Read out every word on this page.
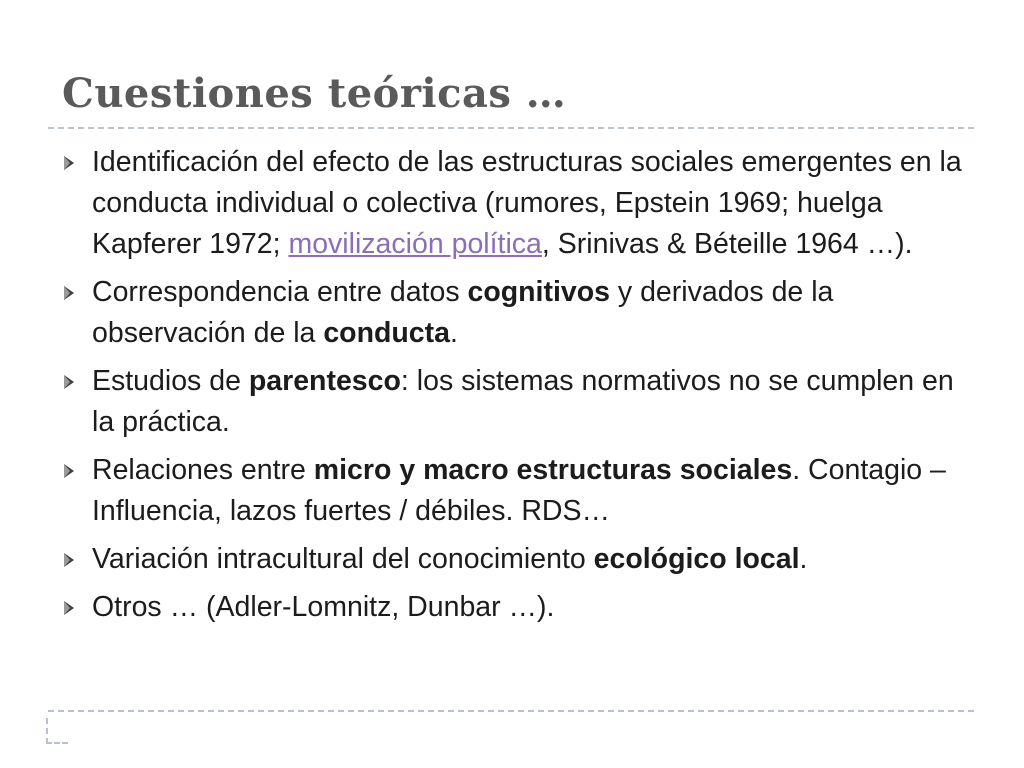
Cuestiones teóricas …
Identificación del efecto de las estructuras sociales emergentes en la conducta individual o colectiva (rumores, Epstein 1969; huelga Kapferer 1972; movilización política, Srinivas & Béteille 1964 …).
Correspondencia entre datos cognitivos y derivados de la observación de la conducta.
Estudios de parentesco: los sistemas normativos no se cumplen en la práctica.
Relaciones entre micro y macro estructuras sociales. Contagio – Influencia, lazos fuertes / débiles. RDS…
Variación intracultural del conocimiento ecológico local.
Otros … (Adler-Lomnitz, Dunbar …).
